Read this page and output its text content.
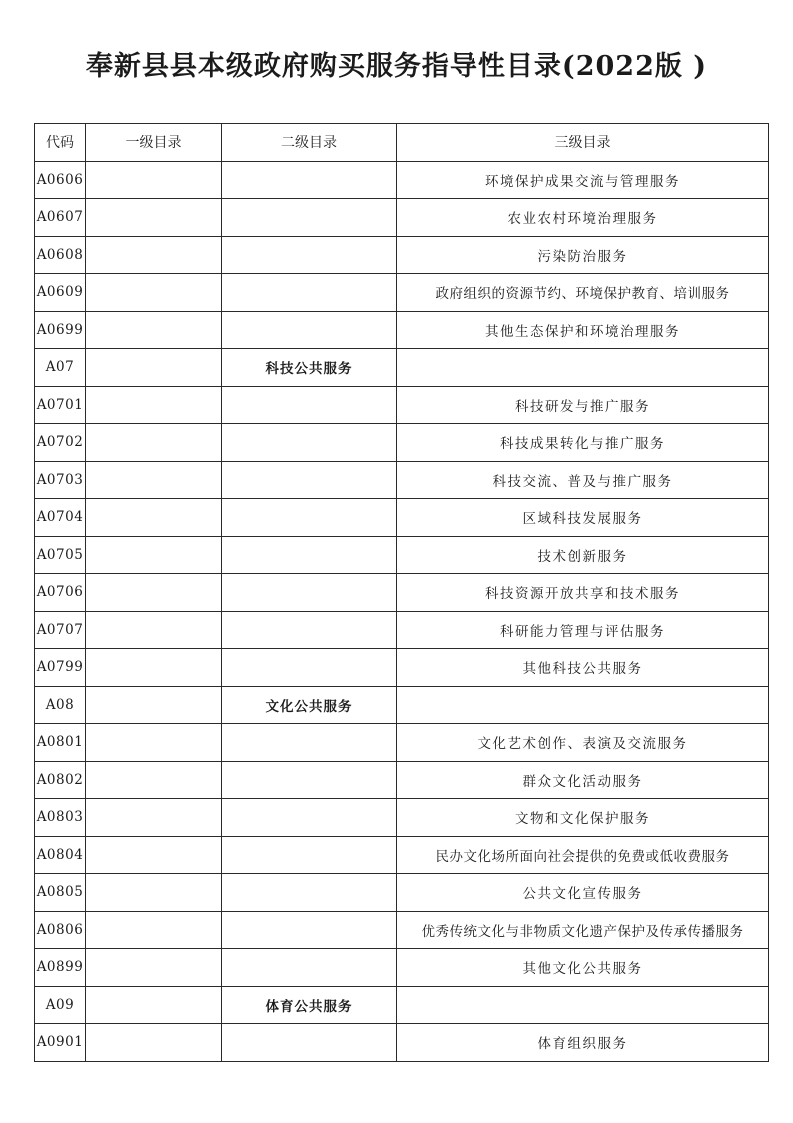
奉新县县本级政府购买服务指导性目录(2022版 )
代码	一级目录	二级目录	三级目录
A0606			环境保护成果交流与管理服务
A0607			农业农村环境治理服务
A0608			污染防治服务
A0609			政府组织的资源节约、环境保护教育、培训服务
A0699			其他生态保护和环境治理服务
A07		科技公共服务	
A0701			科技研发与推广服务
A0702			科技成果转化与推广服务
A0703			科技交流、普及与推广服务
A0704			区域科技发展服务
A0705			技术创新服务
A0706			科技资源开放共享和技术服务
A0707			科研能力管理与评估服务
A0799			其他科技公共服务
A08		文化公共服务	
A0801			文化艺术创作、表演及交流服务
A0802			群众文化活动服务
A0803			文物和文化保护服务
A0804			民办文化场所面向社会提供的免费或低收费服务
A0805			公共文化宣传服务
A0806			优秀传统文化与非物质文化遗产保护及传承传播服务
A0899			其他文化公共服务
A09		体育公共服务	
A0901			体育组织服务
